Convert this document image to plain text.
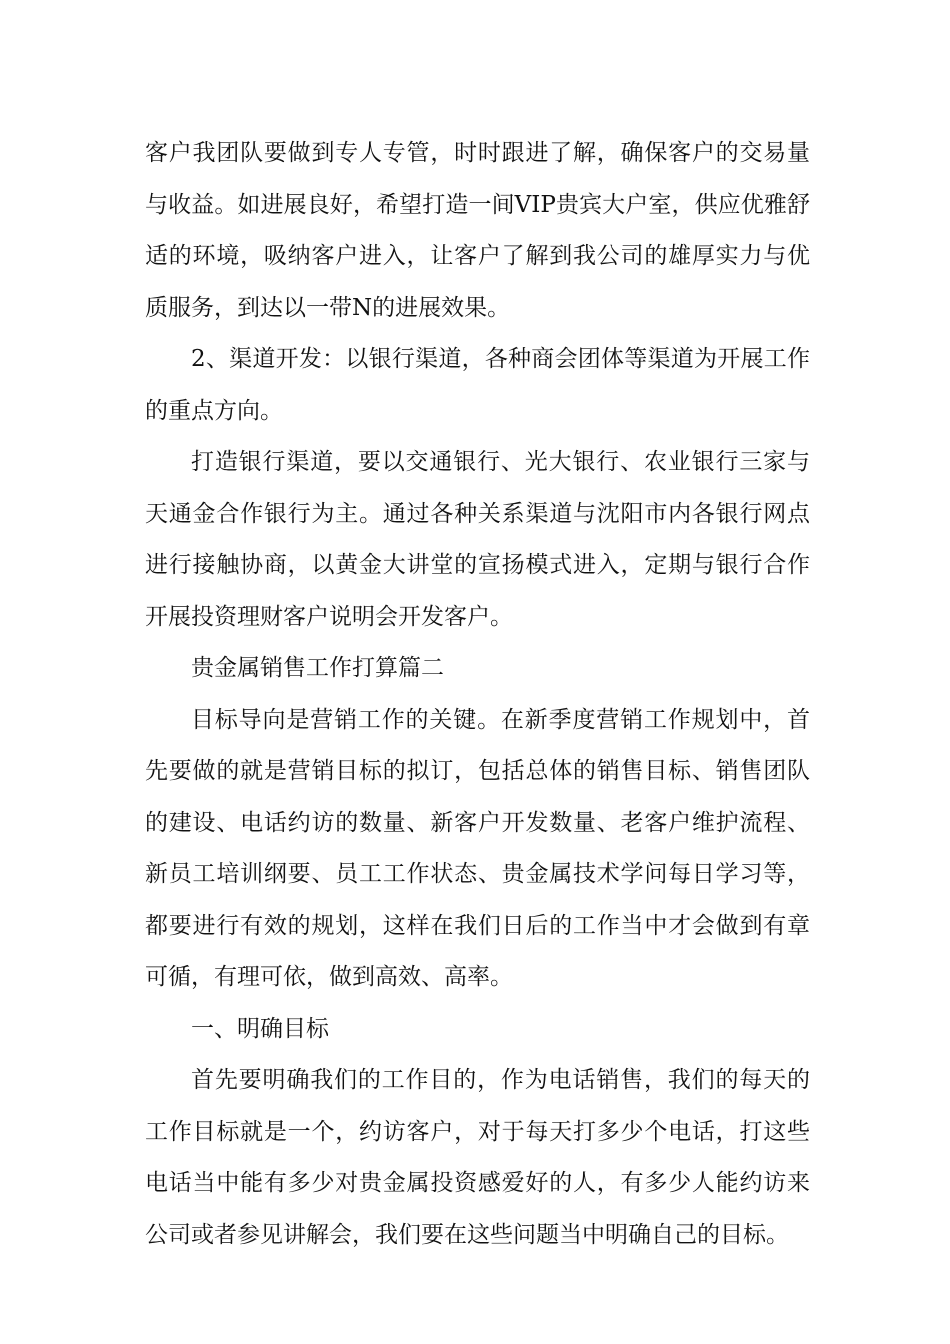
客户我团队要做到专人专管，时时跟进了解，确保客户的交易量与收益。如进展良好，希望打造一间VIP贵宾大户室，供应优雅舒适的环境，吸纳客户进入，让客户了解到我公司的雄厚实力与优质服务，到达以一带N的进展效果。

2、渠道开发：以银行渠道，各种商会团体等渠道为开展工作的重点方向。

打造银行渠道，要以交通银行、光大银行、农业银行三家与天通金合作银行为主。通过各种关系渠道与沈阳市内各银行网点进行接触协商，以黄金大讲堂的宣扬模式进入，定期与银行合作开展投资理财客户说明会开发客户。

贵金属销售工作打算篇二

目标导向是营销工作的关键。在新季度营销工作规划中，首先要做的就是营销目标的拟订，包括总体的销售目标、销售团队的建设、电话约访的数量、新客户开发数量、老客户维护流程、新员工培训纲要、员工工作状态、贵金属技术学问每日学习等，都要进行有效的规划，这样在我们日后的工作当中才会做到有章可循，有理可依，做到高效、高率。

一、明确目标

首先要明确我们的工作目的，作为电话销售，我们的每天的工作目标就是一个，约访客户，对于每天打多少个电话，打这些电话当中能有多少对贵金属投资感爱好的人，有多少人能约访来公司或者参见讲解会，我们要在这些问题当中明确自己的目标。
